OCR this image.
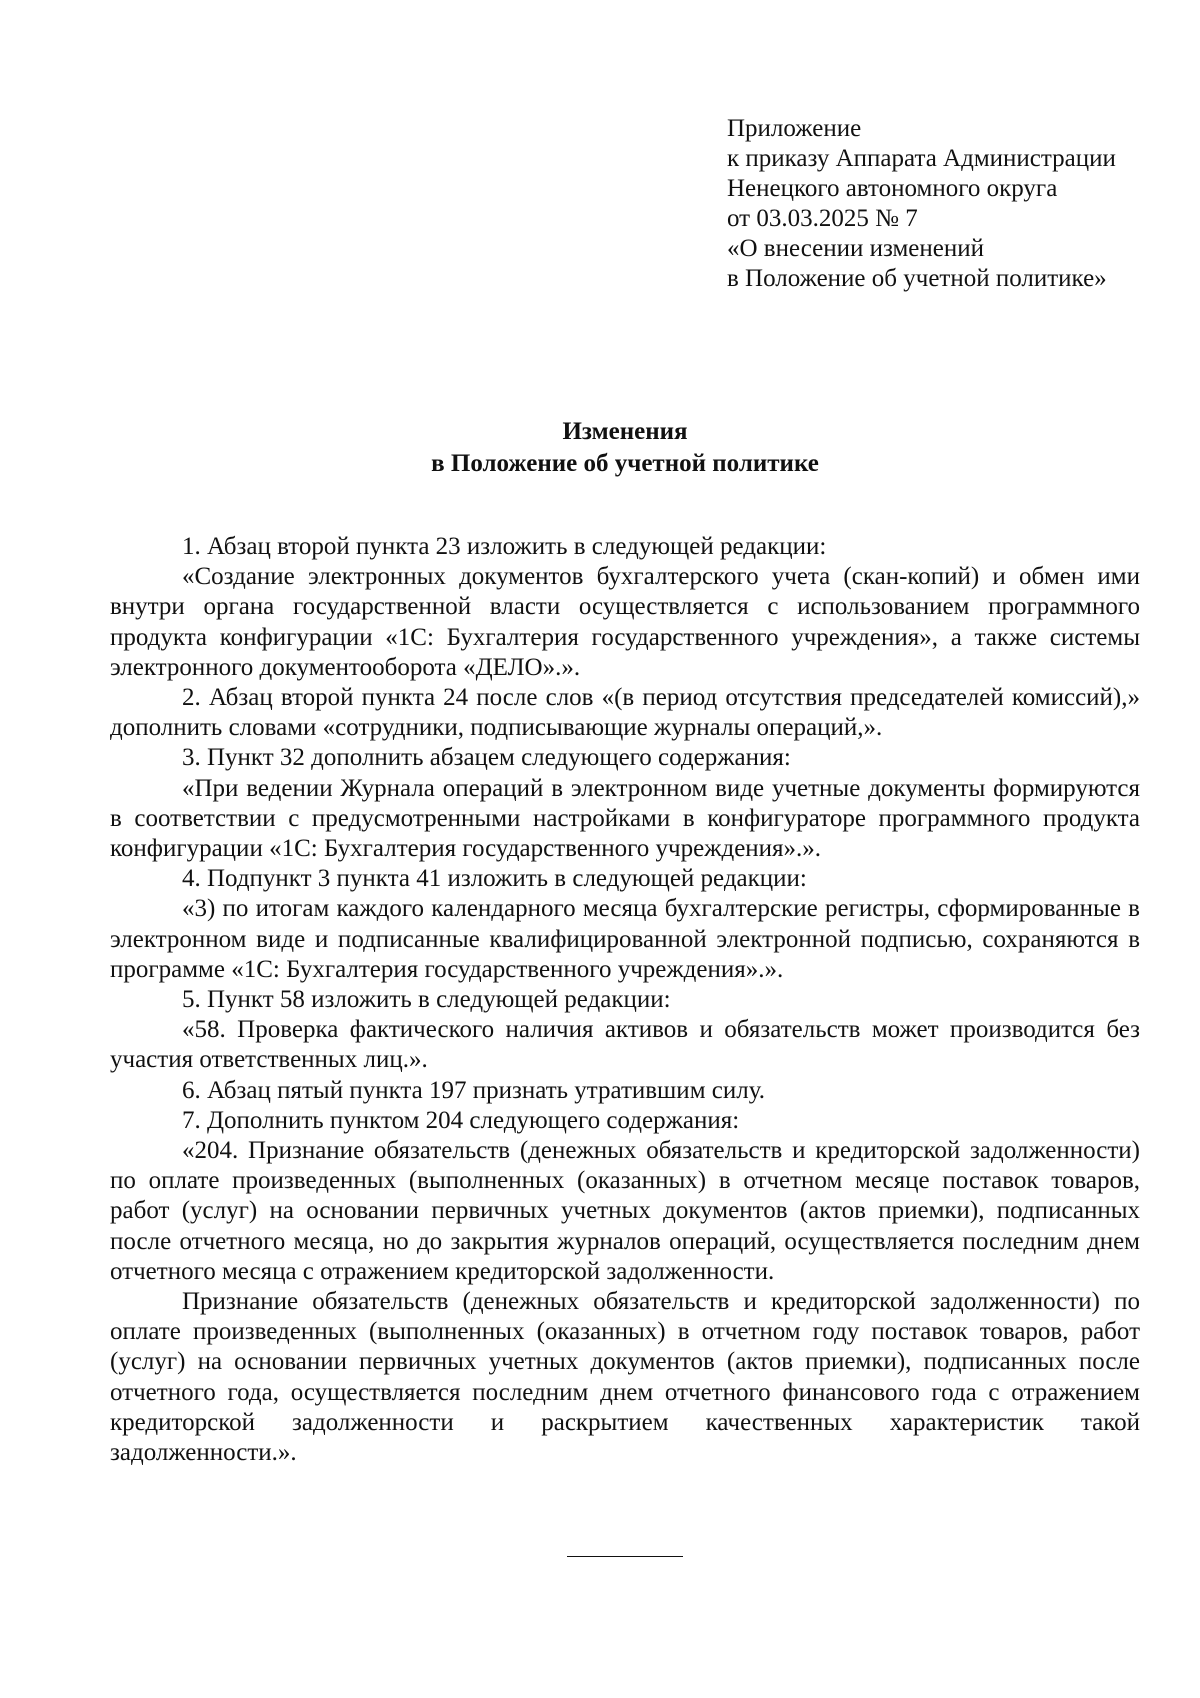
Приложение
к приказу Аппарата Администрации
Ненецкого автономного округа
от 03.03.2025 № 7
«О внесении изменений
в Положение об учетной политике»
Изменения
в Положение об учетной политике

1. Абзац второй пункта 23 изложить в следующей редакции:

«Создание электронных документов бухгалтерского учета (скан-копий) и обмен ими внутри органа государственной власти осуществляется с использованием программного продукта конфигурации «1С: Бухгалтерия государственного учреждения», а также системы электронного документооборота «ДЕЛО».».

2. Абзац второй пункта 24 после слов «(в период отсутствия председателей комиссий),» дополнить словами «сотрудники, подписывающие журналы операций,».

3. Пункт 32 дополнить абзацем следующего содержания:

«При ведении Журнала операций в электронном виде учетные документы формируются в соответствии с предусмотренными настройками в конфигураторе программного продукта конфигурации «1С: Бухгалтерия государственного учреждения».».

4. Подпункт 3 пункта 41 изложить в следующей редакции:

«3) по итогам каждого календарного месяца бухгалтерские регистры, сформированные в электронном виде и подписанные квалифицированной электронной подписью, сохраняются в программе «1С: Бухгалтерия государственного учреждения».».

5. Пункт 58 изложить в следующей редакции:

«58. Проверка фактического наличия активов и обязательств может производится без участия ответственных лиц.».

6. Абзац пятый пункта 197 признать утратившим силу.

7. Дополнить пунктом 204 следующего содержания:

«204. Признание обязательств (денежных обязательств и кредиторской задолженности) по оплате произведенных (выполненных (оказанных) в отчетном месяце поставок товаров, работ (услуг) на основании первичных учетных документов (актов приемки), подписанных после отчетного месяца, но до закрытия журналов операций, осуществляется последним днем отчетного месяца с отражением кредиторской задолженности.

Признание обязательств (денежных обязательств и кредиторской задолженности) по оплате произведенных (выполненных (оказанных) в отчетном году поставок товаров, работ (услуг) на основании первичных учетных документов (актов приемки), подписанных после отчетного года, осуществляется последним днем отчетного финансового года с отражением кредиторской задолженности и раскрытием качественных характеристик такой задолженности.».
